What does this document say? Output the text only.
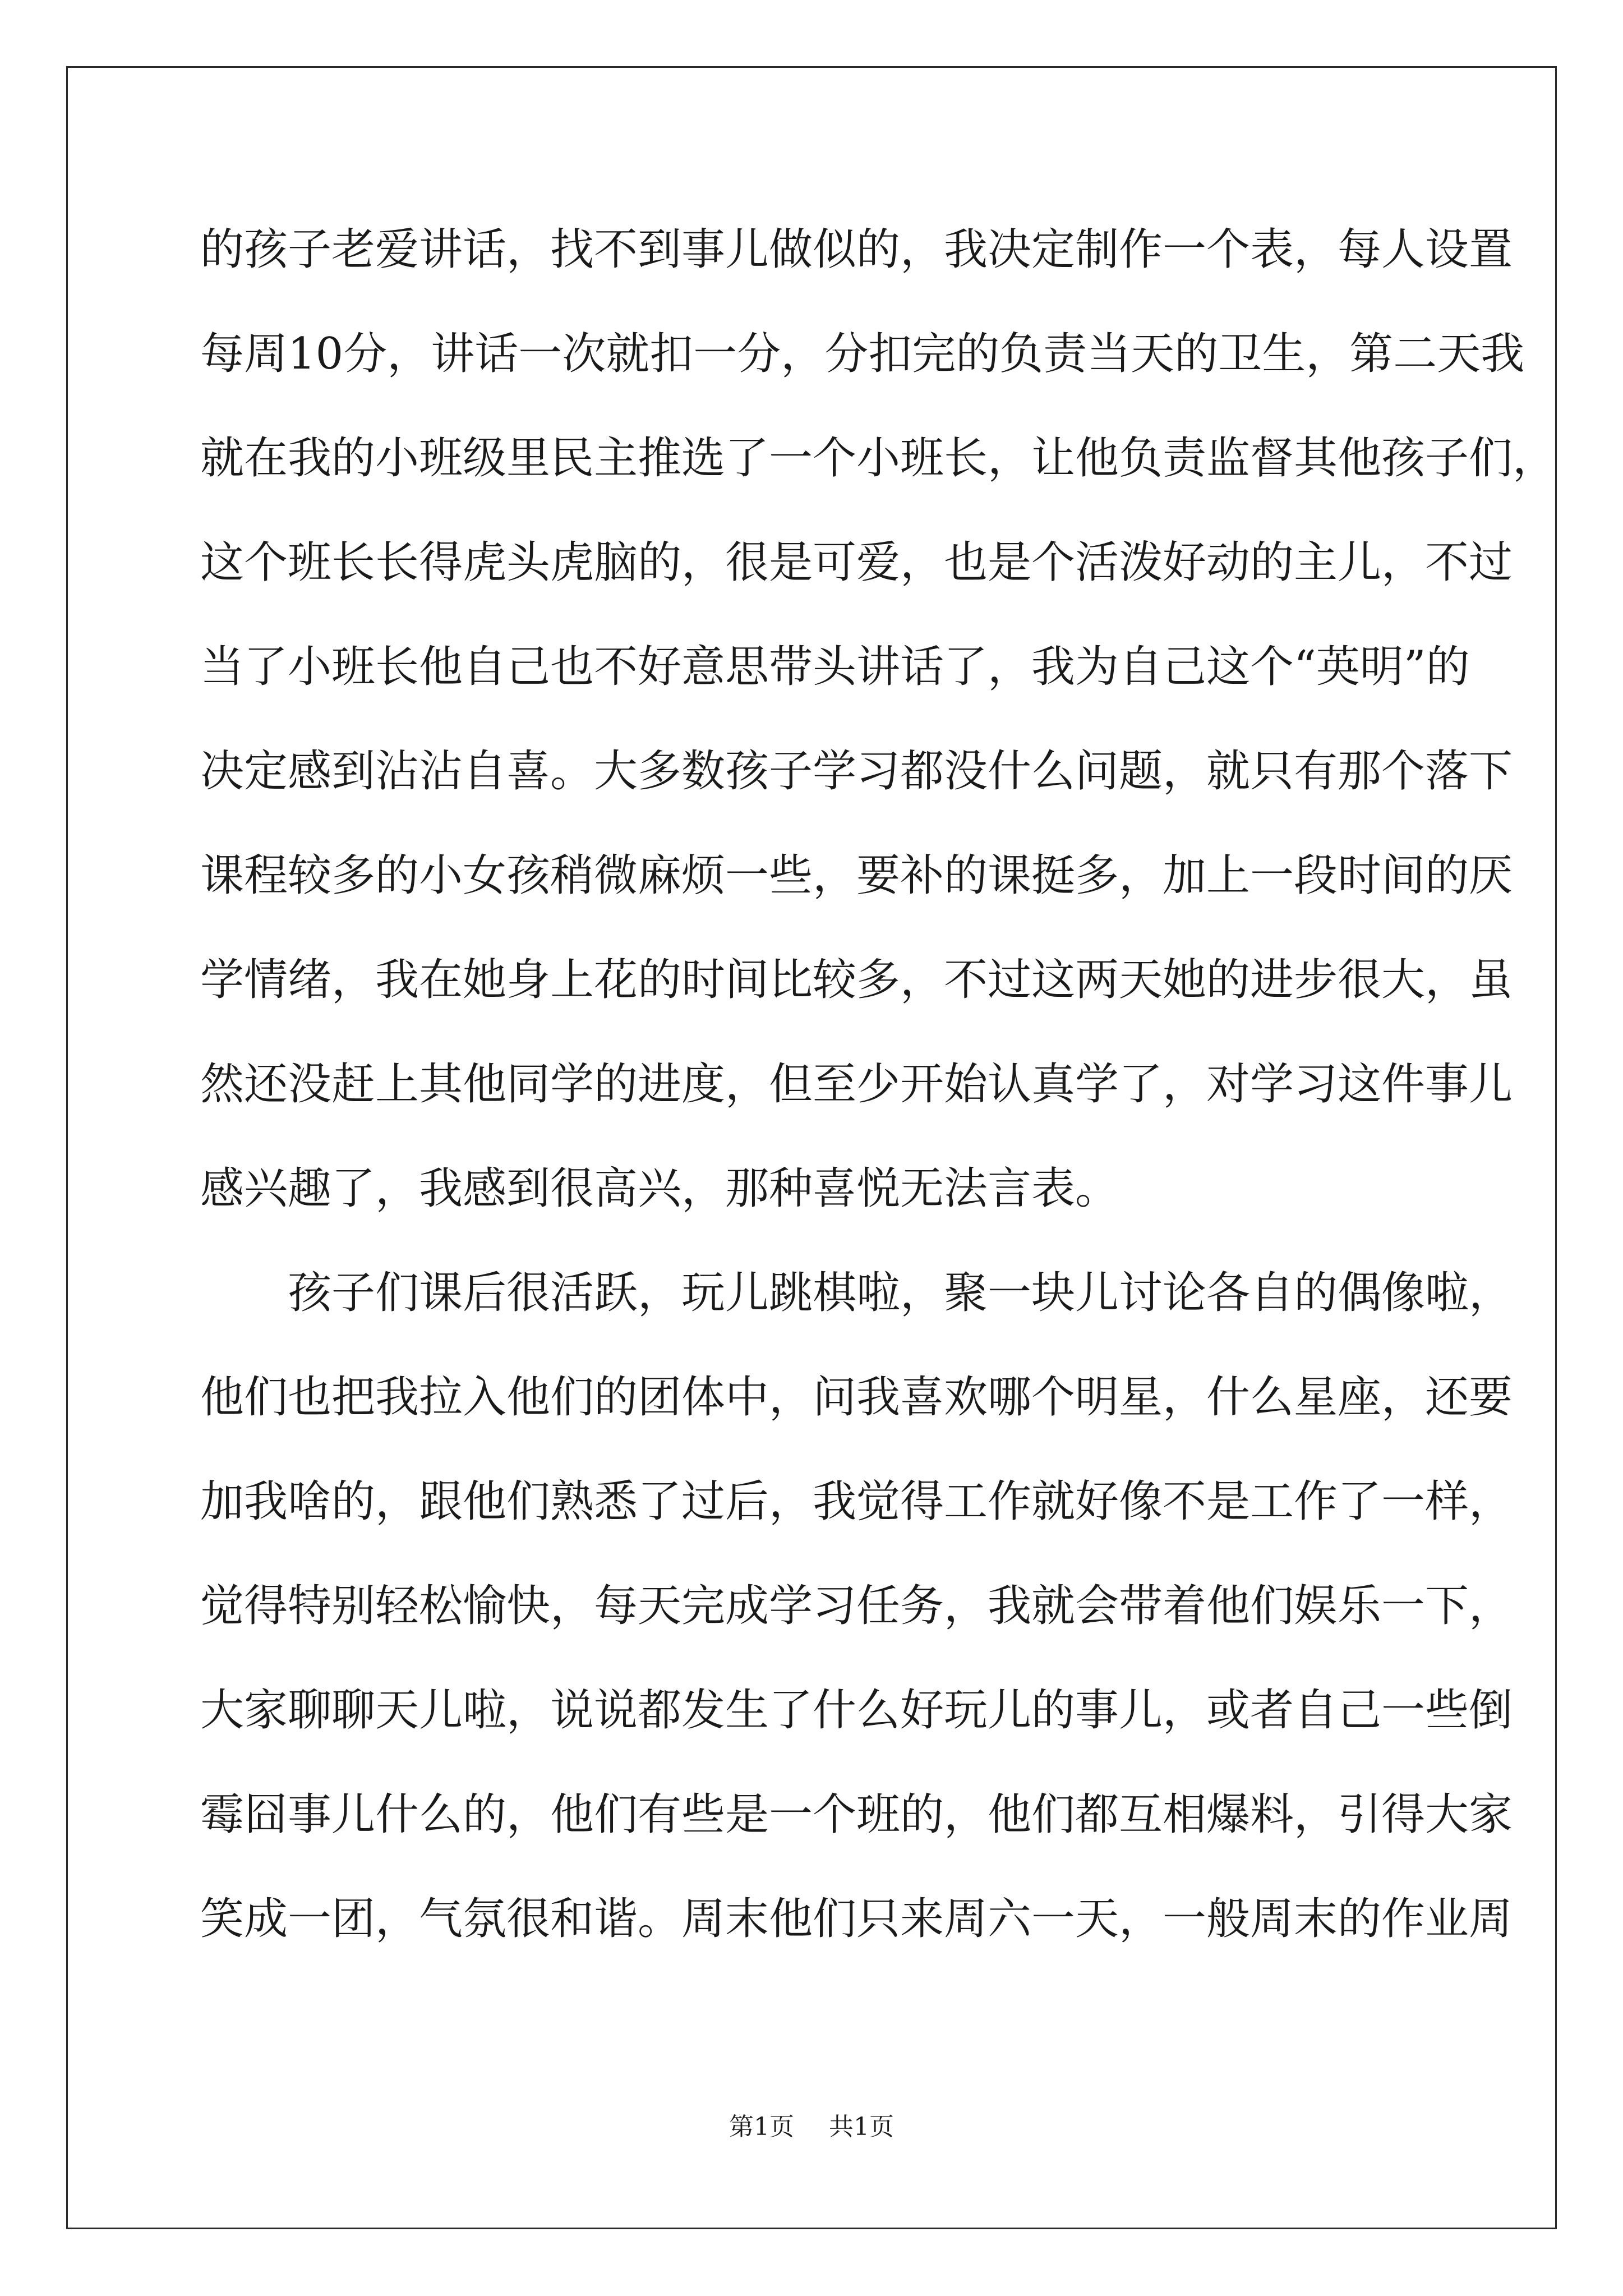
的孩子老爱讲话，找不到事儿做似的，我决定制作一个表，每人设置
每周10分，讲话一次就扣一分，分扣完的负责当天的卫生，第二天我
就在我的小班级里民主推选了一个小班长，让他负责监督其他孩子们，
这个班长长得虎头虎脑的，很是可爱，也是个活泼好动的主儿，不过
当了小班长他自己也不好意思带头讲话了，我为自己这个“英明”的
决定感到沾沾自喜。大多数孩子学习都没什么问题，就只有那个落下
课程较多的小女孩稍微麻烦一些，要补的课挺多，加上一段时间的厌
学情绪，我在她身上花的时间比较多，不过这两天她的进步很大，虽
然还没赶上其他同学的进度，但至少开始认真学了，对学习这件事儿
感兴趣了，我感到很高兴，那种喜悦无法言表。
孩子们课后很活跃，玩儿跳棋啦，聚一块儿讨论各自的偶像啦，
他们也把我拉入他们的团体中，问我喜欢哪个明星，什么星座，还要
加我啥的，跟他们熟悉了过后，我觉得工作就好像不是工作了一样，
觉得特别轻松愉快，每天完成学习任务，我就会带着他们娱乐一下，
大家聊聊天儿啦，说说都发生了什么好玩儿的事儿，或者自己一些倒
霉囧事儿什么的，他们有些是一个班的，他们都互相爆料，引得大家
笑成一团，气氛很和谐。周末他们只来周六一天，一般周末的作业周
第1页 共1页
